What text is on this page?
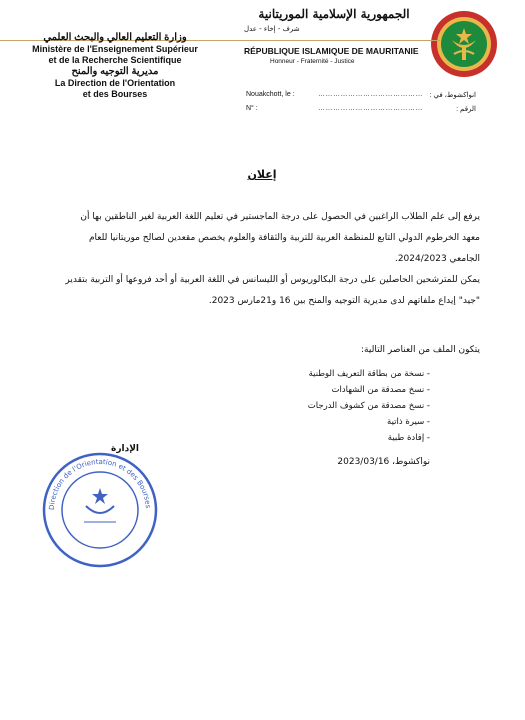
الجمهورية الإسلامية الموريتانية
شرف - إخاء - عدل
RÉPUBLIQUE ISLAMIQUE DE MAURITANIE
Honneur - Fraternité - Justice
وزارة التعليم العالي والبحث العلمي
Ministère de l'Enseignement Supérieur
et de la Recherche Scientifique
مديرية التوجيه والمنح
La Direction de l'Orientation
et des Bourses	Nouakchott, le :	…………………………………… انواكشوط، في :
N° :	……………………………………	الرقم :
إعلان
يرفع إلى علم الطلاب الراغبين في الحصول على درجة الماجستير في تعليم اللغة العربية لغير الناطقين بها أن معهد الخرطوم الدولي التابع للمنظمة العربية للتربية والثقافة والعلوم يخصص مقعدين لصالح موريتانيا للعام الجامعي 2024/2023.
يمكن للمترشحين الحاصلين على درجة البكالوريوس أو الليسانس في اللغة العربية أو أحد فروعها أو التربية بتقدير "جيد" إيداع ملفاتهم لدى مديرية التوجيه والمنح بين 16 و21مارس 2023.
يتكون الملف من العناصر التالية:
- نسخة من بطاقة التعريف الوطنية
- نسخ مصدقة من الشهادات
- نسخ مصدقة من كشوف الدرجات
- سيرة ذاتية
- إفادة طبية
نواكشوط، 2023/03/16
Direction de l'Orientation et des Bourses
الإدارة
